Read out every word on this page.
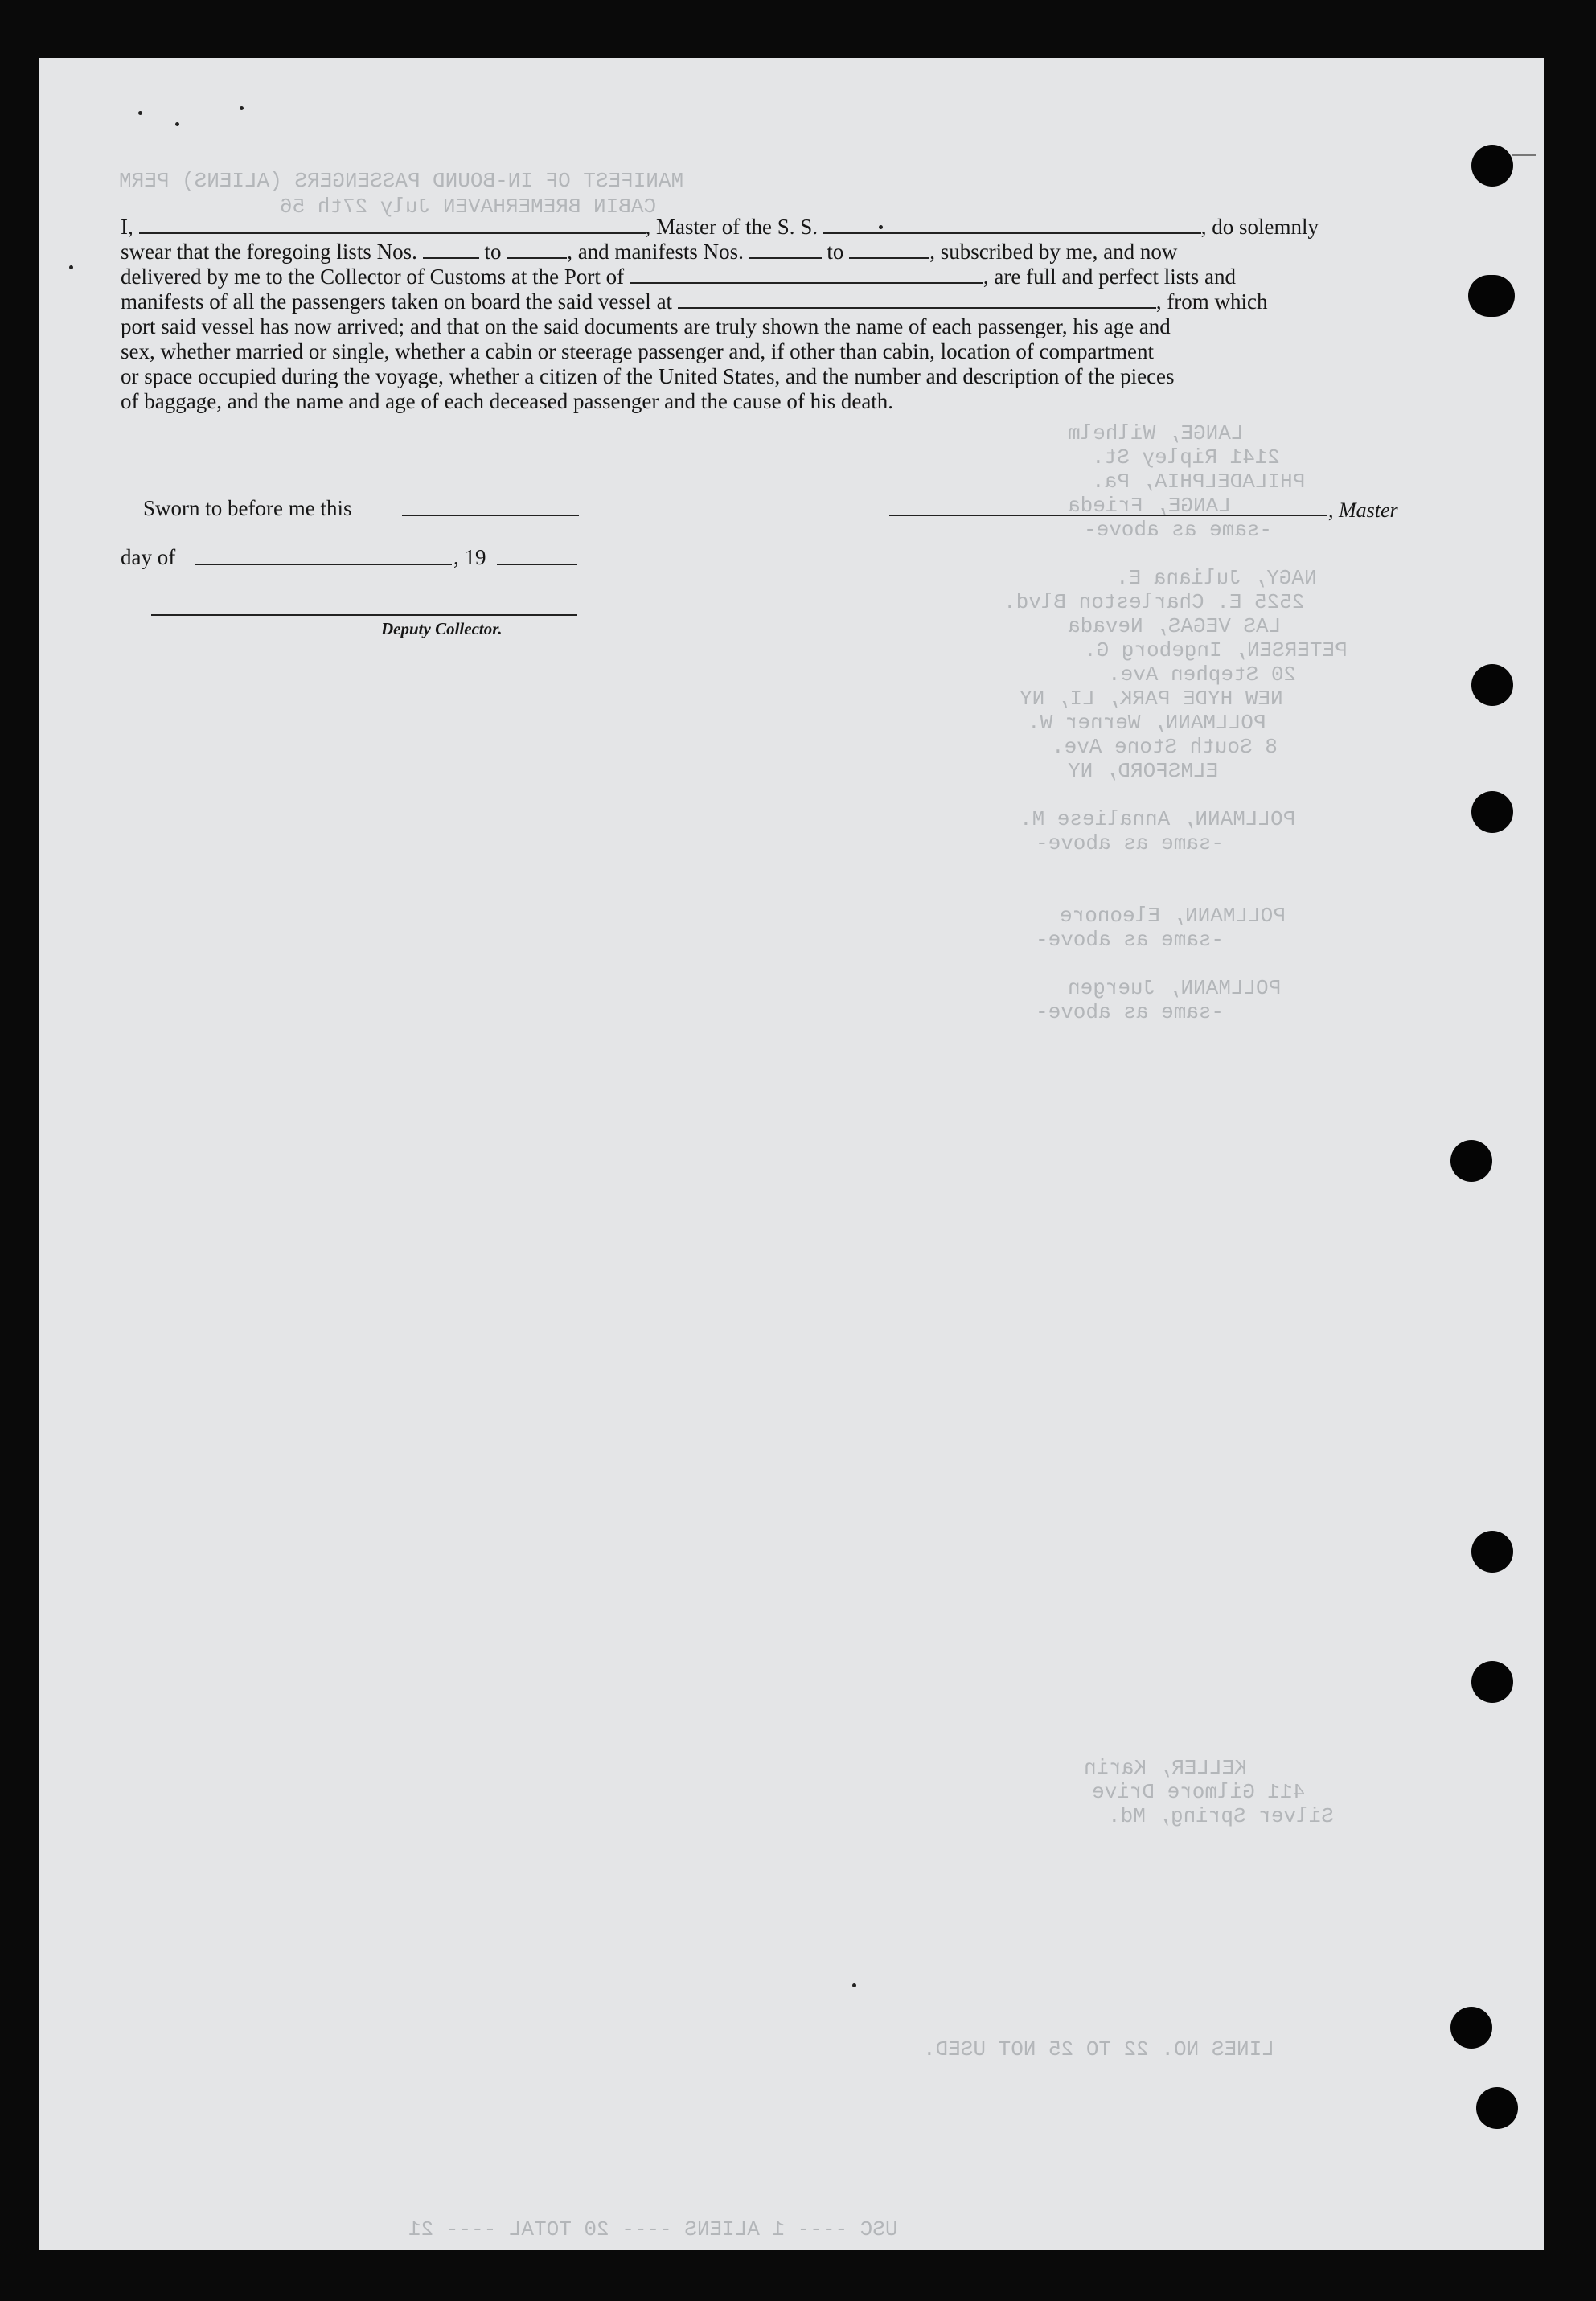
I,	, Master of the S. S.	, do solemnly
swear that the foregoing lists Nos.	to	, and manifests Nos.	to	, subscribed by me, and now
delivered by me to the Collector of Customs at the Port of	, are full and perfect lists and
manifests of all the passengers taken on board the said vessel at	, from which
port said vessel has now arrived; and that on the said documents are truly shown the name of each passenger, his age and
sex, whether married or single, whether a cabin or steerage passenger and, if other than cabin, location of compartment
or space occupied during the voyage, whether a citizen of the United States, and the number and description of the pieces
of baggage, and the name and age of each deceased passenger and the cause of his death.
Sworn to before me this	, Master
day of	, 19
Deputy Collector.
MANIFEST OF IN-BOUND PASSENGERS (ALIENS) PERM
CABIN BREMERHAVEN July 27th 56
LANGE, Wilhelm
2141 Ripley St.
PHILADELPHIA, Pa.
LANGE, Frieda
-same as above-
NAGY, Juliana E.
2525 E. Charleston Blvd.
LAS VEGAS, Nevada
PETERSEN, Ingeborg G.
20 Stephen Ave.
NEW HYDE PARK, LI, NY
POLLMANN, Werner W.
8 South Stone Ave.
ELMSFORD, NY
POLLMANN, Annaliese M.
-same as above-
POLLMANN, Eleonore
-same as above-
POLLMANN, Juergen
-same as above-
KELLER, Karin
411 Gilmore Drive
Silver Spring, Md.
LINES NO. 22 TO 25 NOT USED.
USC ---- 1 ALIENS ---- 20 TOTAL ---- 21
